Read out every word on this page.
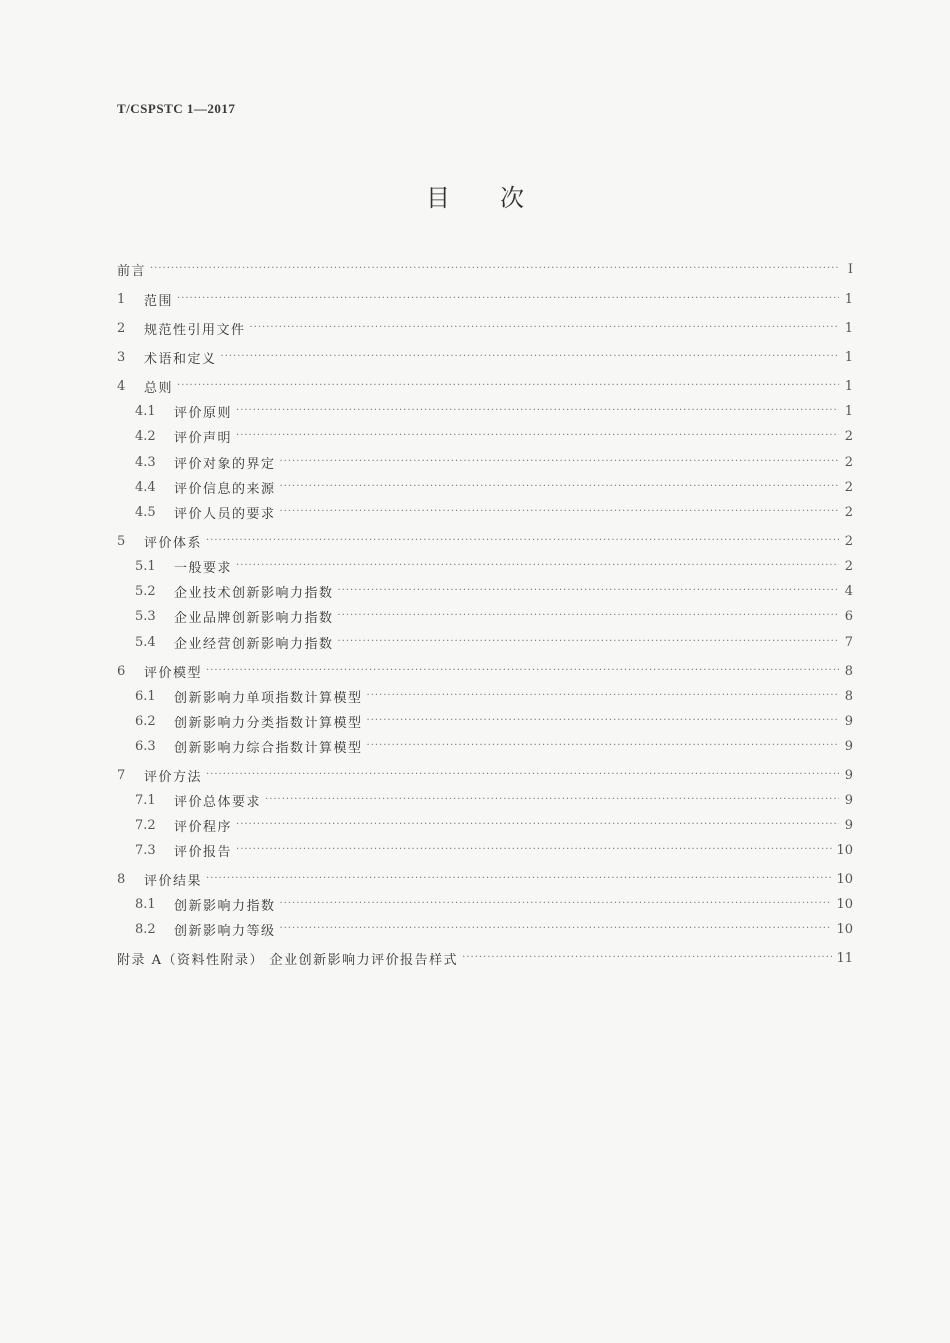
T/CSPSTC 1—2017
目次
前言 ·····	I
1	范围 ·····	1
2	规范性引用文件 ·····	1
3	术语和定义 ·····	1
4	总则 ·····	1
4.1	评价原则 ·····	1
4.2	评价声明 ·····	2
4.3	评价对象的界定 ·····	2
4.4	评价信息的来源 ·····	2
4.5	评价人员的要求 ·····	2
5	评价体系 ·····	2
5.1	一般要求 ·····	2
5.2	企业技术创新影响力指数 ·····	4
5.3	企业品牌创新影响力指数 ·····	6
5.4	企业经营创新影响力指数 ·····	7
6	评价模型 ·····	8
6.1	创新影响力单项指数计算模型 ·····	8
6.2	创新影响力分类指数计算模型 ·····	9
6.3	创新影响力综合指数计算模型 ·····	9
7	评价方法 ·····	9
7.1	评价总体要求 ·····	9
7.2	评价程序 ·····	9
7.3	评价报告 ·····	10
8	评价结果 ·····	10
8.1	创新影响力指数 ·····	10
8.2	创新影响力等级 ·····	10
附录 A（资料性附录） 企业创新影响力评价报告样式 ·····	11
